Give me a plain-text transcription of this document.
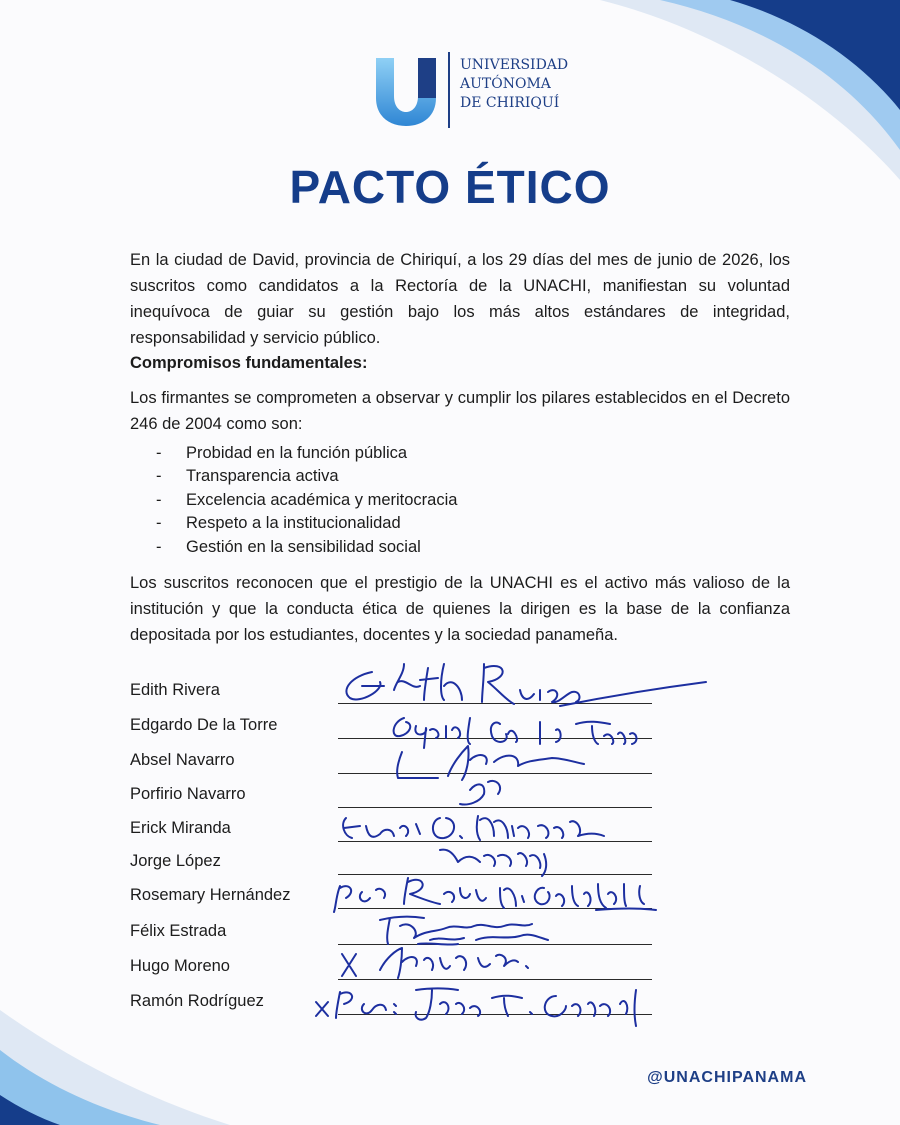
UNIVERSIDAD
AUTÓNOMA
DE CHIRIQUÍ
PACTO ÉTICO

En la ciudad de David, provincia de Chiriquí, a los 29 días del mes de junio de 2026, los suscritos como candidatos a la Rectoría de la UNACHI, manifiestan su voluntad inequívoca de guiar su gestión bajo los más altos estándares de integridad, responsabilidad y servicio público.

Compromisos fundamentales:

Los firmantes se comprometen a observar y cumplir los pilares establecidos en el Decreto 246 de 2004 como son:

-	Probidad en la función pública
-	Transparencia activa
-	Excelencia académica y meritocracia
-	Respeto a la institucionalidad
-	Gestión en la sensibilidad social

Los suscritos reconocen que el prestigio de la UNACHI es el activo más valioso de la institución y que la conducta ética de quienes la dirigen es la base de la confianza depositada por los estudiantes, docentes y la sociedad panameña.

Edith Rivera
Edgardo De la Torre
Absel Navarro
Porfirio Navarro
Erick Miranda
Jorge López
Rosemary Hernández
Félix Estrada
Hugo Moreno
Ramón Rodríguez
@UNACHIPANAMA
